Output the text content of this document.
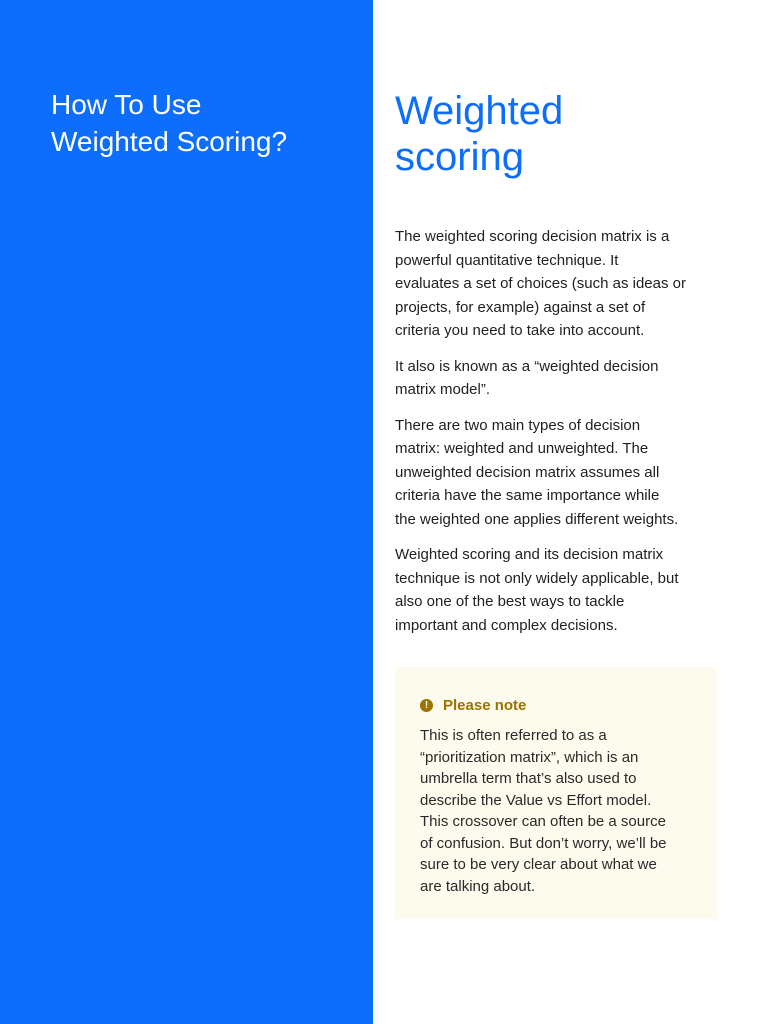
How To Use
Weighted Scoring?
Weighted
scoring

The weighted scoring decision matrix is a
powerful quantitative technique. It
evaluates a set of choices (such as ideas or
projects, for example) against a set of
criteria you need to take into account.

It also is known as a “weighted decision
matrix model”.

There are two main types of decision
matrix: weighted and unweighted. The
unweighted decision matrix assumes all
criteria have the same importance while
the weighted one applies different weights.

Weighted scoring and its decision matrix
technique is not only widely applicable, but
also one of the best ways to tackle
important and complex decisions.

! Please note

This is often referred to as a
“prioritization matrix”, which is an
umbrella term that’s also used to
describe the Value vs Effort model.
This crossover can often be a source
of confusion. But don’t worry, we’ll be
sure to be very clear about what we
are talking about.
